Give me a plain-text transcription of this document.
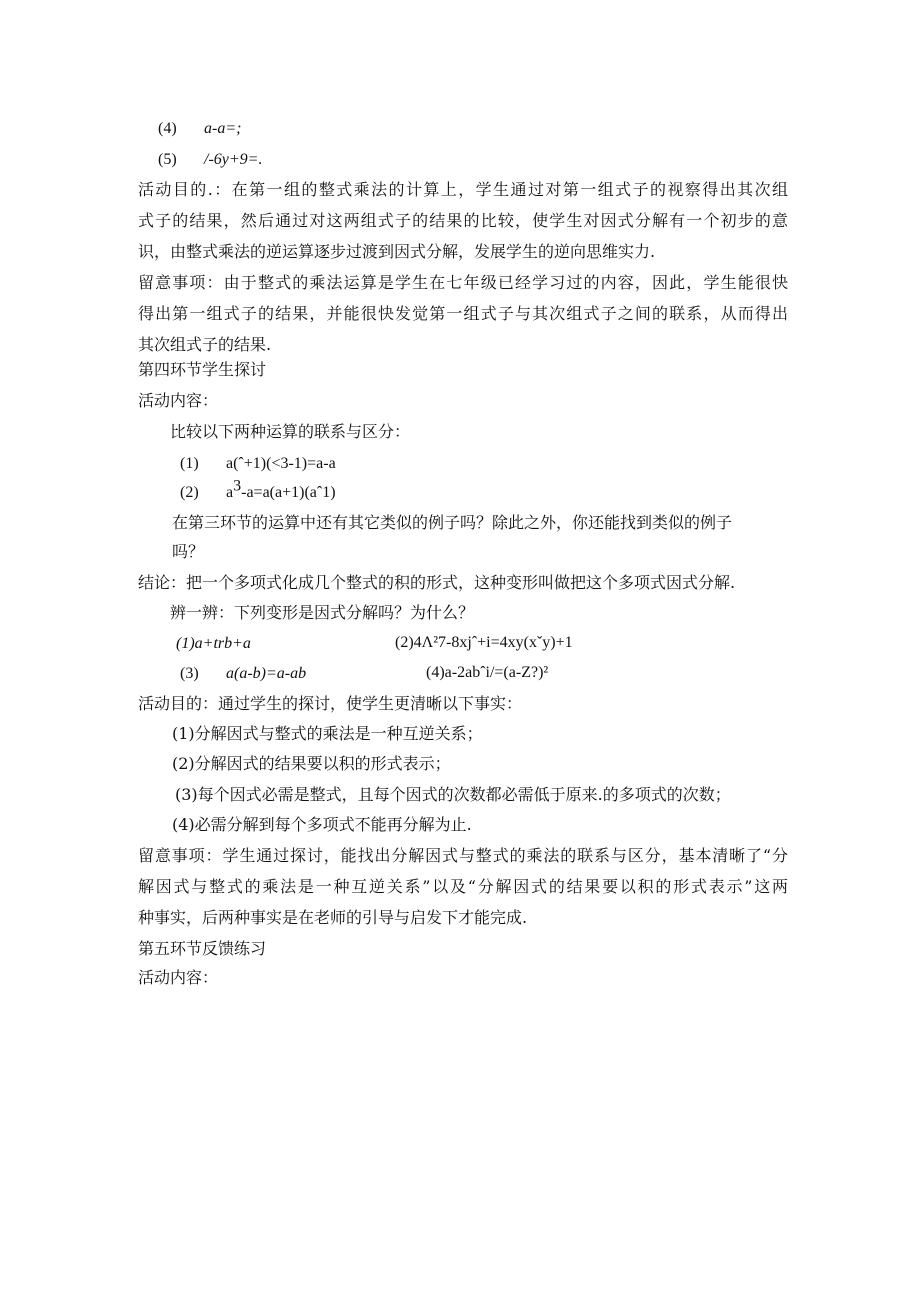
(4) a-a=;
(5) /-6y+9=.
活动目的.：在第一组的整式乘法的计算上，学生通过对第一组式子的视察得出其次组
式子的结果，然后通过对这两组式子的结果的比较，使学生对因式分解有一个初步的意
识，由整式乘法的逆运算逐步过渡到因式分解，发展学生的逆向思维实力.
留意事项：由于整式的乘法运算是学生在七年级已经学习过的内容，因此，学生能很快
得出第一组式子的结果，并能很快发觉第一组式子与其次组式子之间的联系，从而得出
其次组式子的结果.
第四环节学生探讨
活动内容：
比较以下两种运算的联系与区分：
(1) a(ˆ+1)(<3-1)=a-a
(2) $a^3-a=a(a+1)(aˆ1)$
在第三环节的运算中还有其它类似的例子吗？除此之外，你还能找到类似的例子
吗？
结论：把一个多项式化成几个整式的积的形式，这种变形叫做把这个多项式因式分解.
辨一辨：下列变形是因式分解吗？为什么？
(1)a+trb+a	(2)4Λ²7-8xjˆ+i=4xy(xˇy)+1
(3) a(a-b)=a-ab	(4)a-2abˆi/=(a-Z?)²
活动目的：通过学生的探讨，使学生更清晰以下事实：
(1)分解因式与整式的乘法是一种互逆关系；
(2)分解因式的结果要以积的形式表示；
(3)每个因式必需是整式，且每个因式的次数都必需低于原来.的多项式的次数；
(4)必需分解到每个多项式不能再分解为止.
留意事项：学生通过探讨，能找出分解因式与整式的乘法的联系与区分，基本清晰了“分
解因式与整式的乘法是一种互逆关系”以及“分解因式的结果要以积的形式表示”这两
种事实，后两种事实是在老师的引导与启发下才能完成.
第五环节反馈练习
活动内容：
